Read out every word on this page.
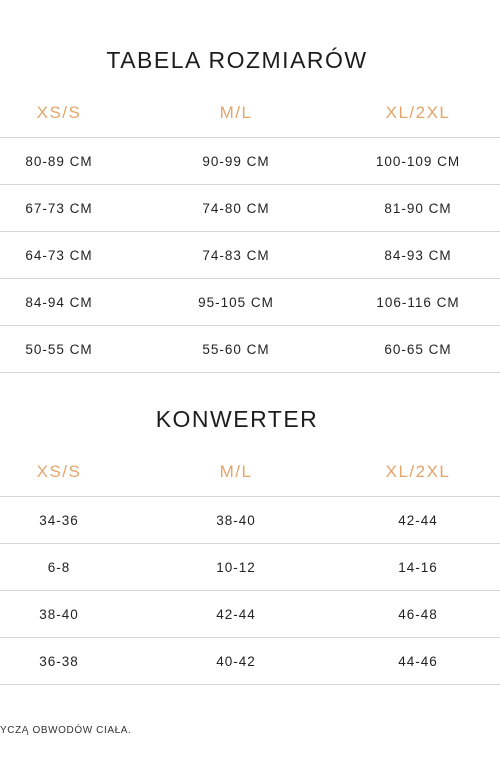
TABELA ROZMIARÓW
XS/S	M/L	XL/2XL
80-89 CM	90-99 CM	100-109 CM
67-73 CM	74-80 CM	81-90 CM
64-73 CM	74-83 CM	84-93 CM
84-94 CM	95-105 CM	106-116 CM
50-55 CM	55-60 CM	60-65 CM
KONWERTER
XS/S	M/L	XL/2XL
34-36	38-40	42-44
6-8	10-12	14-16
38-40	42-44	46-48
36-38	40-42	44-46
YCZĄ OBWODÓW CIAŁA.
